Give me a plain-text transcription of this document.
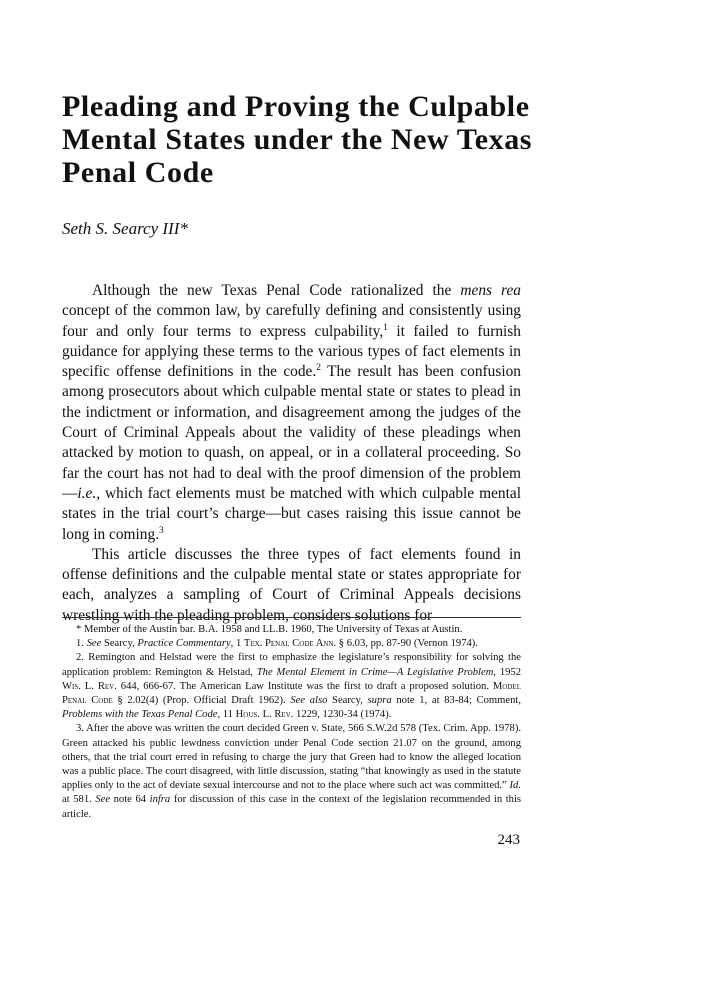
Pleading and Proving the Culpable
Mental States under the New Texas
Penal Code

Seth S. Searcy III*

Although the new Texas Penal Code rationalized the mens rea concept of the common law, by carefully defining and consistently using four and only four terms to express culpability,$^1$ it failed to furnish guidance for applying these terms to the various types of fact elements in specific offense definitions in the code.$^2$ The result has been confusion among prosecutors about which culpable mental state or states to plead in the indictment or information, and disagreement among the judges of the Court of Criminal Appeals about the validity of these pleadings when attacked by motion to quash, on appeal, or in a collateral proceeding. So far the court has not had to deal with the proof dimension of the problem—i.e., which fact elements must be matched with which culpable mental states in the trial court’s charge—but cases raising this issue cannot be long in coming.$^3$

This article discusses the three types of fact elements found in offense definitions and the culpable mental state or states appropriate for each, analyzes a sampling of Court of Criminal Appeals decisions wrestling with the pleading problem, considers solutions for

* Member of the Austin bar. B.A. 1958 and LL.B. 1960, The University of Texas at Austin.

1. See Searcy, Practice Commentary, 1 Tex. Penal Code Ann. § 6.03, pp. 87-90 (Vernon 1974).

2. Remington and Helstad were the first to emphasize the legislature’s responsibility for solving the application problem: Remington & Helstad, The Mental Element in Crime—A Legislative Problem, 1952 Wis. L. Rev. 644, 666-67. The American Law Institute was the first to draft a proposed solution. Model Penal Code § 2.02(4) (Prop. Official Draft 1962). See also Searcy, supra note 1, at 83-84; Comment, Problems with the Texas Penal Code, 11 Hous. L. Rev. 1229, 1230-34 (1974).

3. After the above was written the court decided Green v. State, 566 S.W.2d 578 (Tex. Crim. App. 1978). Green attacked his public lewdness conviction under Penal Code section 21.07 on the ground, among others, that the trial court erred in refusing to charge the jury that Green had to know the alleged location was a public place. The court disagreed, with little discussion, stating “that knowingly as used in the statute applies only to the act of deviate sexual intercourse and not to the place where such act was committed.” Id. at 581. See note 64 infra for discussion of this case in the context of the legislation recommended in this article.

243
